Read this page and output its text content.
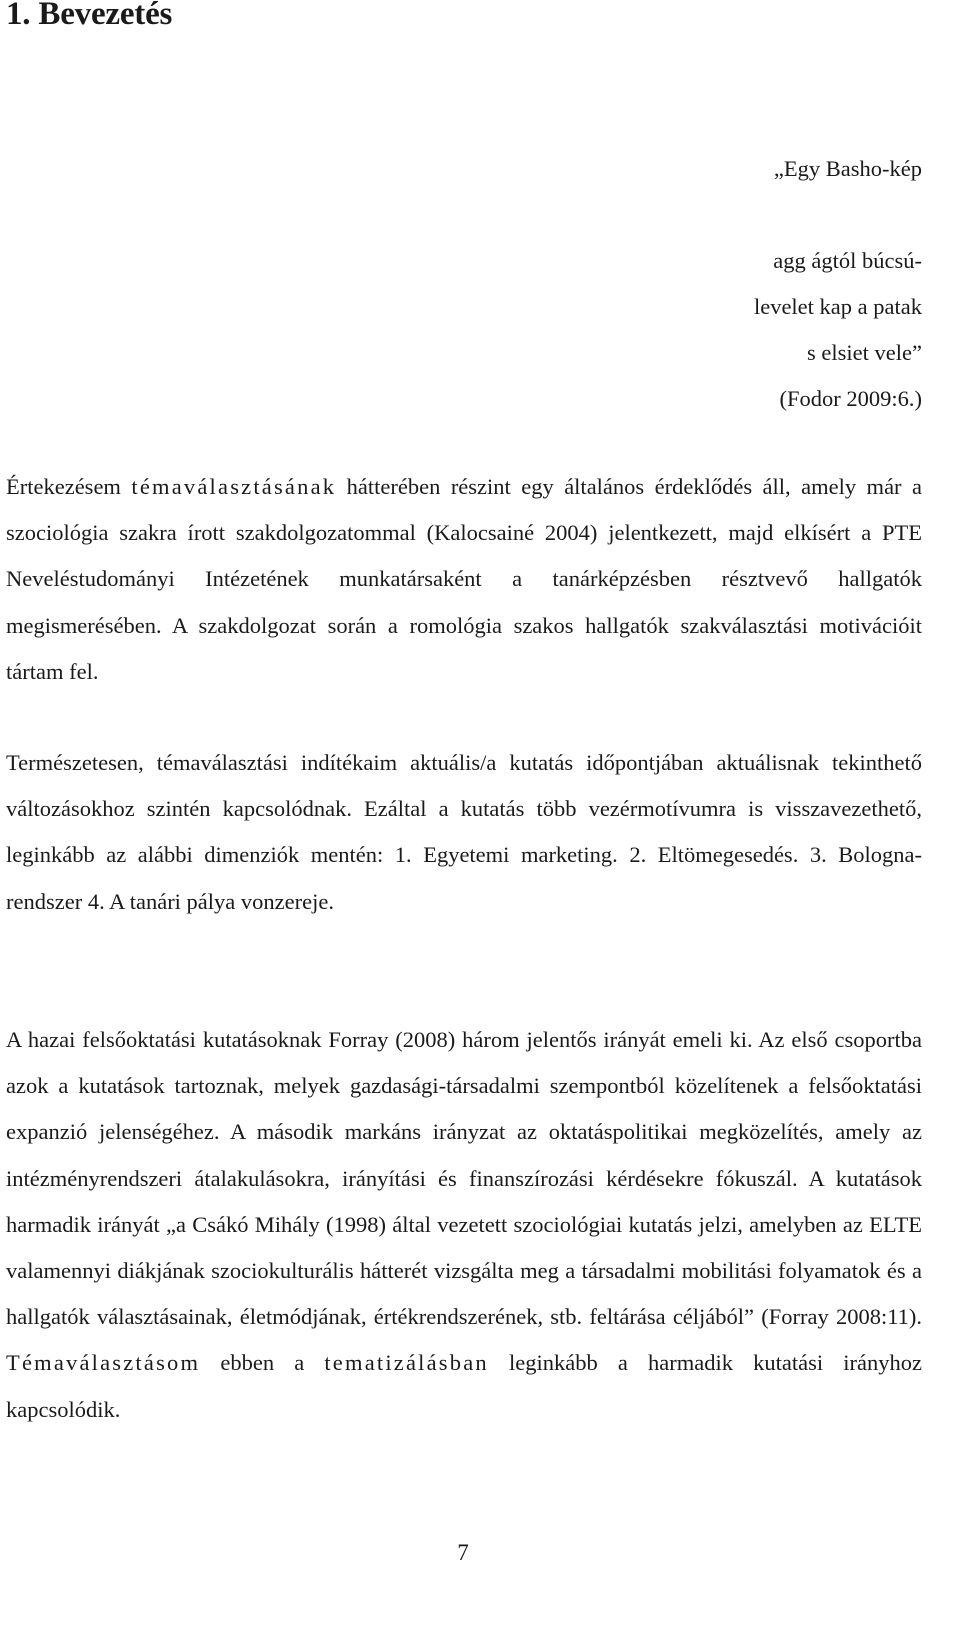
1. Bevezetés
„Egy Basho-kép
agg ágtól búcsú-
levelet kap a patak
s elsiet vele”
(Fodor 2009:6.)

Értekezésem témaválasztásának hátterében részint egy általános érdeklődés áll, amely már a szociológia szakra írott szakdolgozatommal (Kalocsainé 2004) jelentkezett, majd elkísért a PTE Neveléstudományi Intézetének munkatársaként a tanárképzésben résztvevő hallgatók megismerésében. A szakdolgozat során a romológia szakos hallgatók szakválasztási motivációit tártam fel.

Természetesen, témaválasztási indítékaim aktuális/a kutatás időpontjában aktuálisnak tekinthető változásokhoz szintén kapcsolódnak. Ezáltal a kutatás több vezérmotívumra is visszavezethető, leginkább az alábbi dimenziók mentén: 1. Egyetemi marketing. 2. Eltömegesedés. 3. Bologna-rendszer 4. A tanári pálya vonzereje.

A hazai felsőoktatási kutatásoknak Forray (2008) három jelentős irányát emeli ki. Az első csoportba azok a kutatások tartoznak, melyek gazdasági-társadalmi szempontból közelítenek a felsőoktatási expanzió jelenségéhez. A második markáns irányzat az oktatáspolitikai megközelítés, amely az intézményrendszeri átalakulásokra, irányítási és finanszírozási kérdésekre fókuszál. A kutatások harmadik irányát „a Csákó Mihály (1998) által vezetett szociológiai kutatás jelzi, amelyben az ELTE valamennyi diákjának szociokulturális hátterét vizsgálta meg a társadalmi mobilitási folyamatok és a hallgatók választásainak, életmódjának, értékrendszerének, stb. feltárása céljából” (Forray 2008:11). Témaválasztásom ebben a tematizálásban leginkább a harmadik kutatási irányhoz kapcsolódik.

7
